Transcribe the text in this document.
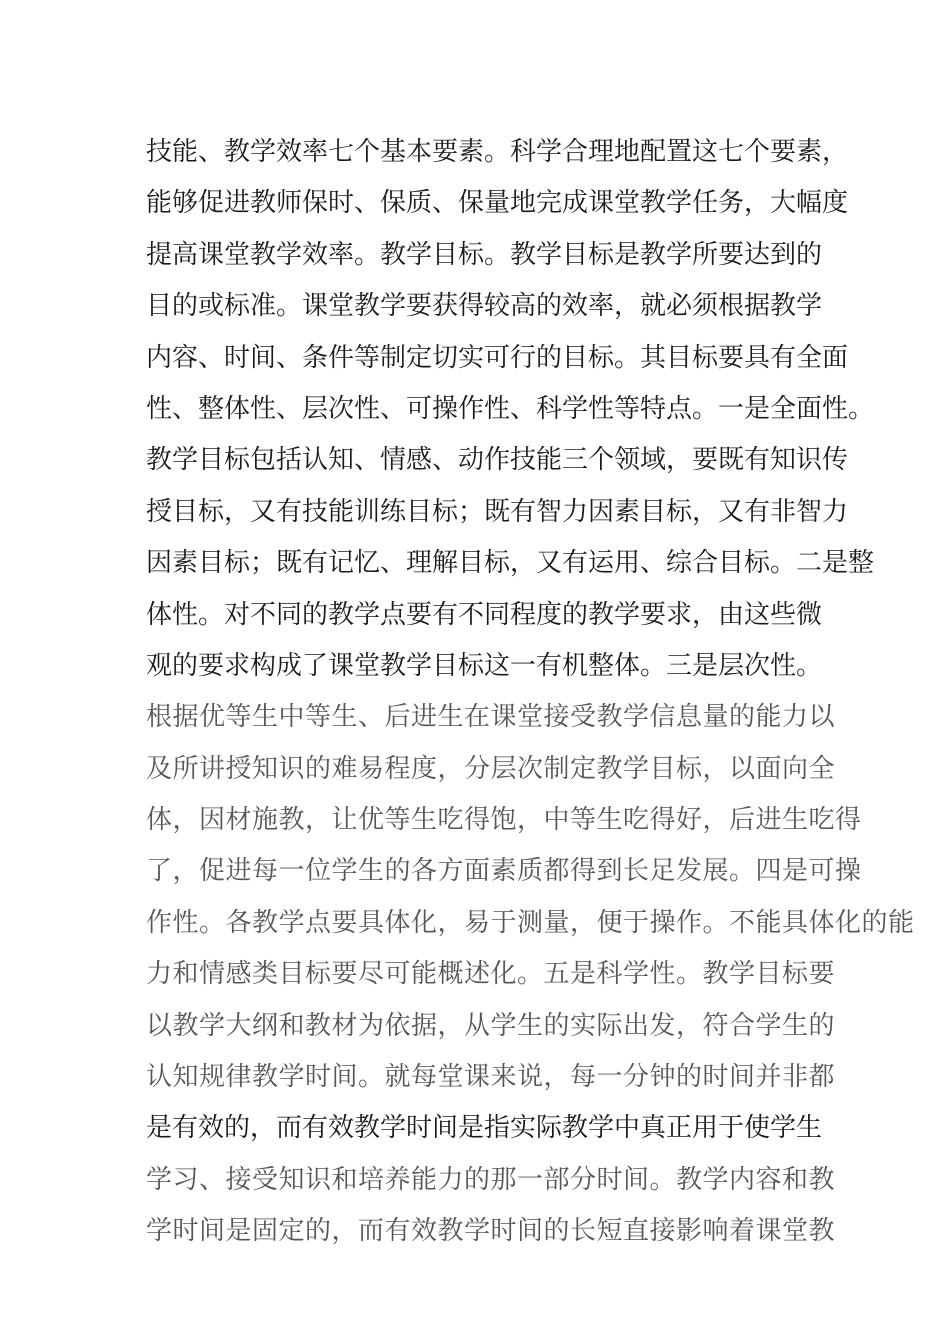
技能、教学效率七个基本要素。科学合理地配置这七个要素，
能够促进教师保时、保质、保量地完成课堂教学任务，大幅度
提高课堂教学效率。教学目标。教学目标是教学所要达到的
目的或标准。课堂教学要获得较高的效率，就必须根据教学
内容、时间、条件等制定切实可行的目标。其目标要具有全面
性、整体性、层次性、可操作性、科学性等特点。一是全面性。
教学目标包括认知、情感、动作技能三个领域，要既有知识传
授目标，又有技能训练目标；既有智力因素目标，又有非智力
因素目标；既有记忆、理解目标，又有运用、综合目标。二是整
体性。对不同的教学点要有不同程度的教学要求，由这些微
观的要求构成了课堂教学目标这一有机整体。三是层次性。
根据优等生中等生、后进生在课堂接受教学信息量的能力以
及所讲授知识的难易程度，分层次制定教学目标，以面向全
体，因材施教，让优等生吃得饱，中等生吃得好，后进生吃得
了，促进每一位学生的各方面素质都得到长足发展。四是可操
作性。各教学点要具体化，易于测量，便于操作。不能具体化的能
力和情感类目标要尽可能概述化。五是科学性。教学目标要
以教学大纲和教材为依据，从学生的实际出发，符合学生的
认知规律教学时间。就每堂课来说，每一分钟的时间并非都
是有效的，而有效教学时间是指实际教学中真正用于使学生
学习、接受知识和培养能力的那一部分时间。教学内容和教
学时间是固定的，而有效教学时间的长短直接影响着课堂教
